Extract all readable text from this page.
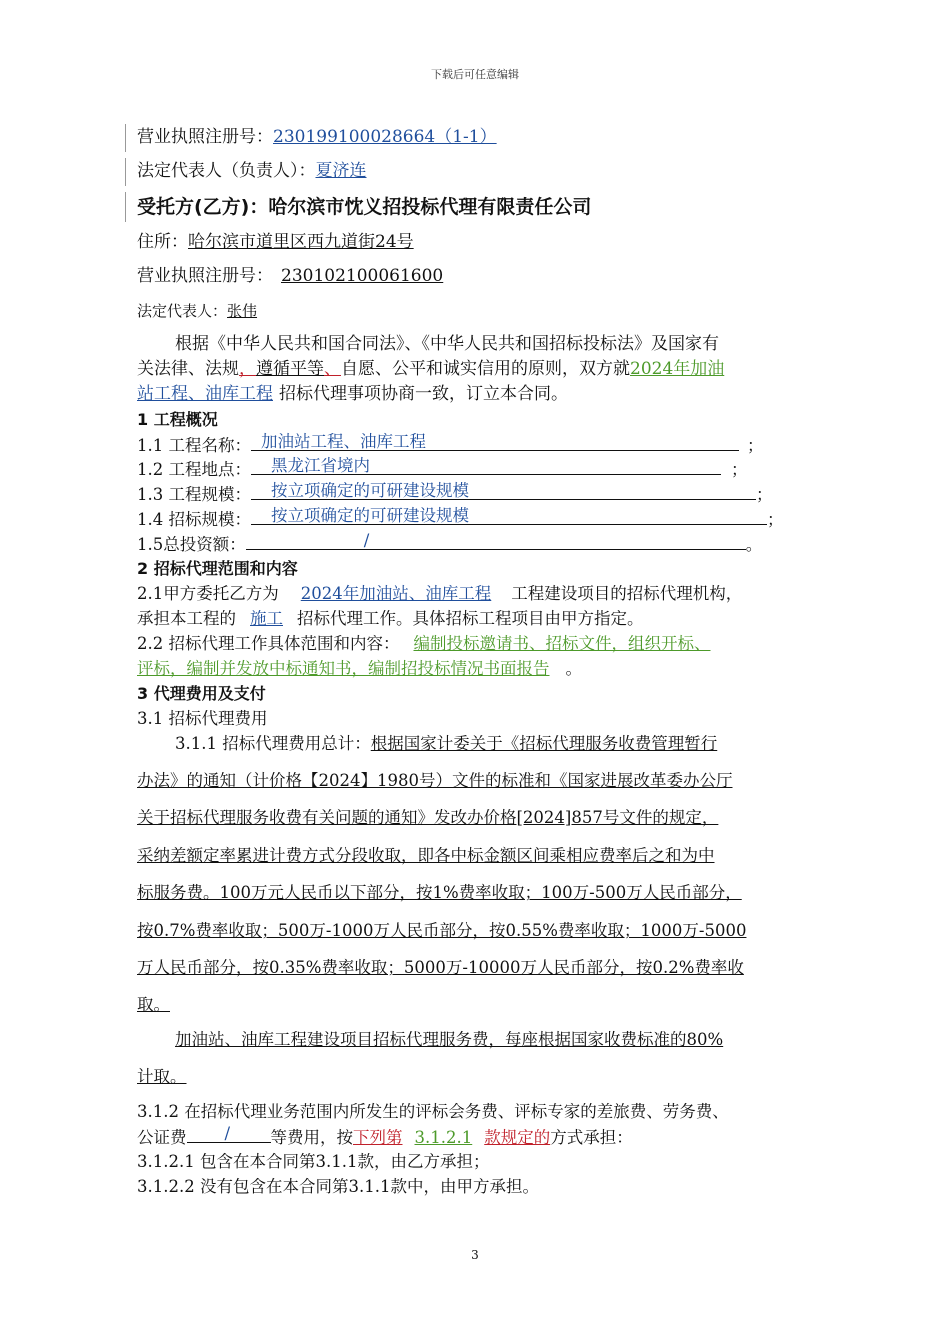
下载后可任意编辑
营业执照注册号：230199100028664（1-1）
法定代表人（负责人）：夏济连
受托方(乙方)：哈尔滨市忱义招投标代理有限责任公司
住所：哈尔滨市道里区西九道街24号
营业执照注册号： 230102100061600
法定代表人：张伟
根据《中华人民共和国合同法》、《中华人民共和国招标投标法》及国家有
关法律、法规，遵循平等、自愿、公平和诚实信用的原则，双方就2024年加油
站工程、油库工程 招标代理事项协商一致，订立本合同。
1 工程概况
1.1 工程名称： 加油站工程、油库工程	；
1.2 工程地点： 黑龙江省境内	；
1.3 工程规模： 按立项确定的可研建设规模	；
1.4 招标规模： 按立项确定的可研建设规模	；
1.5总投资额：	/	。
2 招标代理范围和内容
2.1甲方委托乙方为 2024年加油站、油库工程 工程建设项目的招标代理机构，
承担本工程的 施工 招标代理工作。具体招标工程项目由甲方指定。
2.2 招标代理工作具体范围和内容： 编制投标邀请书、招标文件，组织开标、
评标，编制并发放中标通知书，编制招投标情况书面报告 。
3 代理费用及支付
3.1 招标代理费用
3.1.1 招标代理费用总计：根据国家计委关于《招标代理服务收费管理暂行
办法》的通知（计价格【2024】1980号）文件的标准和《国家进展改革委办公厅
关于招标代理服务收费有关问题的通知》发改办价格[2024]857号文件的规定，
采纳差额定率累进计费方式分段收取，即各中标金额区间乘相应费率后之和为中
标服务费。100万元人民币以下部分，按1%费率收取；100万-500万人民币部分，
按0.7%费率收取；500万-1000万人民币部分，按0.55%费率收取；1000万-5000
万人民币部分，按0.35%费率收取；5000万-10000万人民币部分，按0.2%费率收
取。
加油站、油库工程建设项目招标代理服务费，每座根据国家收费标准的80%
计取。
3.1.2 在招标代理业务范围内所发生的评标会务费、评标专家的差旅费、劳务费、
公证费 / 等费用，按下列第 3.1.2.1 款规定的方式承担：
3.1.2.1 包含在本合同第3.1.1款，由乙方承担；
3.1.2.2 没有包含在本合同第3.1.1款中，由甲方承担。
3
